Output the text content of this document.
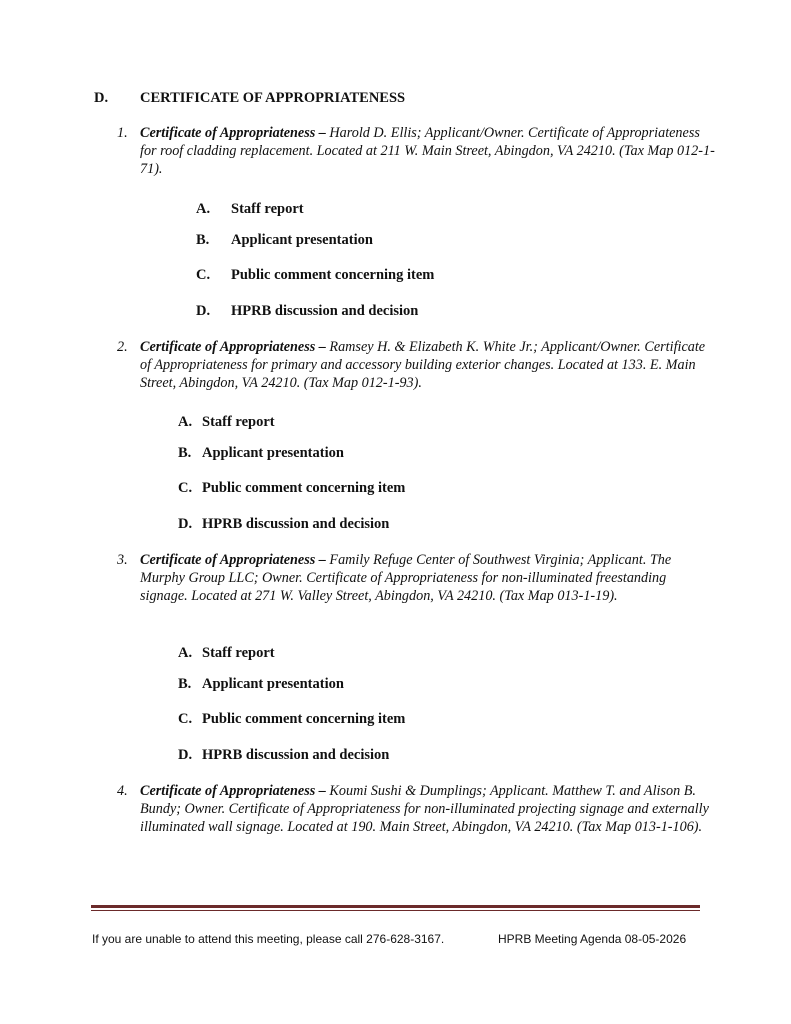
D. CERTIFICATE OF APPROPRIATENESS
1. Certificate of Appropriateness – Harold D. Ellis; Applicant/Owner. Certificate of Appropriateness for roof cladding replacement. Located at 211 W. Main Street, Abingdon, VA 24210. (Tax Map 012-1-71).
A. Staff report
B. Applicant presentation
C. Public comment concerning item
D. HPRB discussion and decision
2. Certificate of Appropriateness – Ramsey H. & Elizabeth K. White Jr.; Applicant/Owner. Certificate of Appropriateness for primary and accessory building exterior changes. Located at 133. E. Main Street, Abingdon, VA 24210. (Tax Map 012-1-93).
A. Staff report
B. Applicant presentation
C. Public comment concerning item
D. HPRB discussion and decision
3. Certificate of Appropriateness – Family Refuge Center of Southwest Virginia; Applicant. The Murphy Group LLC; Owner. Certificate of Appropriateness for non-illuminated freestanding signage. Located at 271 W. Valley Street, Abingdon, VA 24210. (Tax Map 013-1-19).
A. Staff report
B. Applicant presentation
C. Public comment concerning item
D. HPRB discussion and decision
4. Certificate of Appropriateness – Koumi Sushi & Dumplings; Applicant. Matthew T. and Alison B. Bundy; Owner. Certificate of Appropriateness for non-illuminated projecting signage and externally illuminated wall signage. Located at 190. Main Street, Abingdon, VA 24210. (Tax Map 013-1-106).
If you are unable to attend this meeting, please call 276-628-3167.	HPRB Meeting Agenda 08-05-2026
